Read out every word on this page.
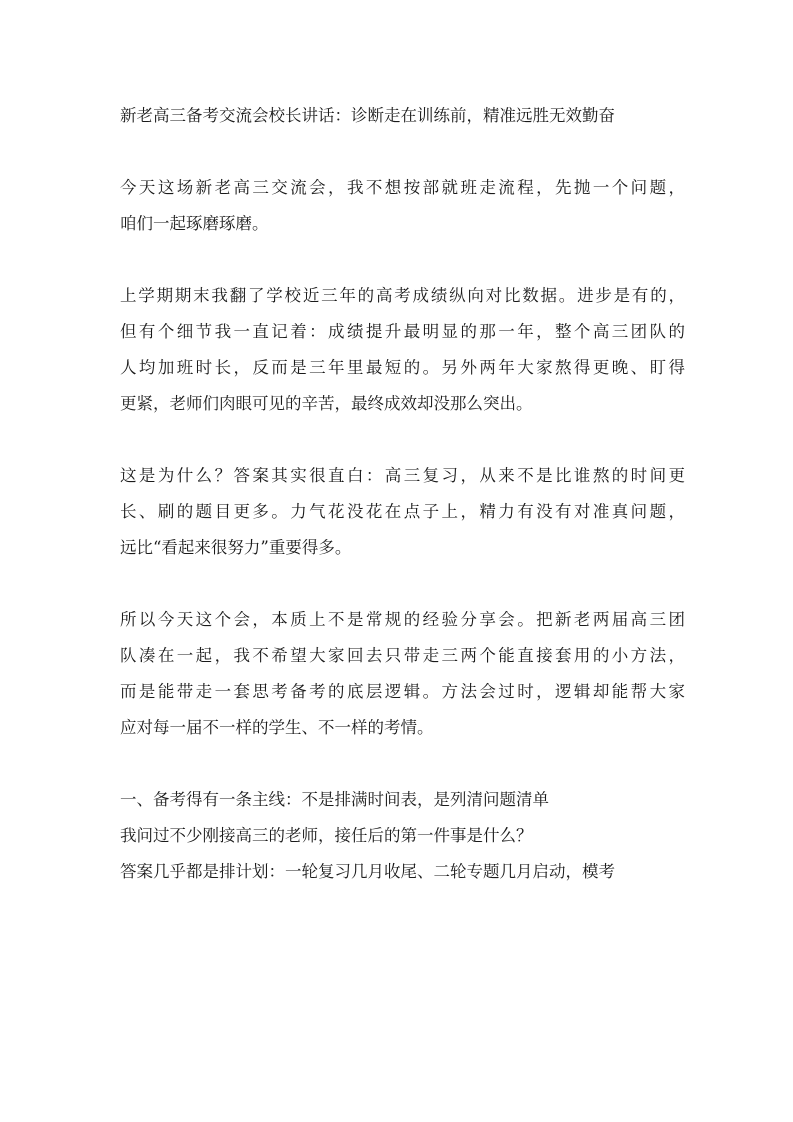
新老高三备考交流会校长讲话：诊断走在训练前，精准远胜无效勤奋
今天这场新老高三交流会，我不想按部就班走流程，先抛一个问题，
咱们一起琢磨琢磨。
上学期期末我翻了学校近三年的高考成绩纵向对比数据。进步是有的，
但有个细节我一直记着：成绩提升最明显的那一年，整个高三团队的
人均加班时长，反而是三年里最短的。另外两年大家熬得更晚、盯得
更紧，老师们肉眼可见的辛苦，最终成效却没那么突出。
这是为什么？答案其实很直白：高三复习，从来不是比谁熬的时间更
长、刷的题目更多。力气花没花在点子上，精力有没有对准真问题，
远比“看起来很努力”重要得多。
所以今天这个会，本质上不是常规的经验分享会。把新老两届高三团
队凑在一起，我不希望大家回去只带走三两个能直接套用的小方法，
而是能带走一套思考备考的底层逻辑。方法会过时，逻辑却能帮大家
应对每一届不一样的学生、不一样的考情。
一、备考得有一条主线：不是排满时间表，是列清问题清单
我问过不少刚接高三的老师，接任后的第一件事是什么？
答案几乎都是排计划：一轮复习几月收尾、二轮专题几月启动，模考
